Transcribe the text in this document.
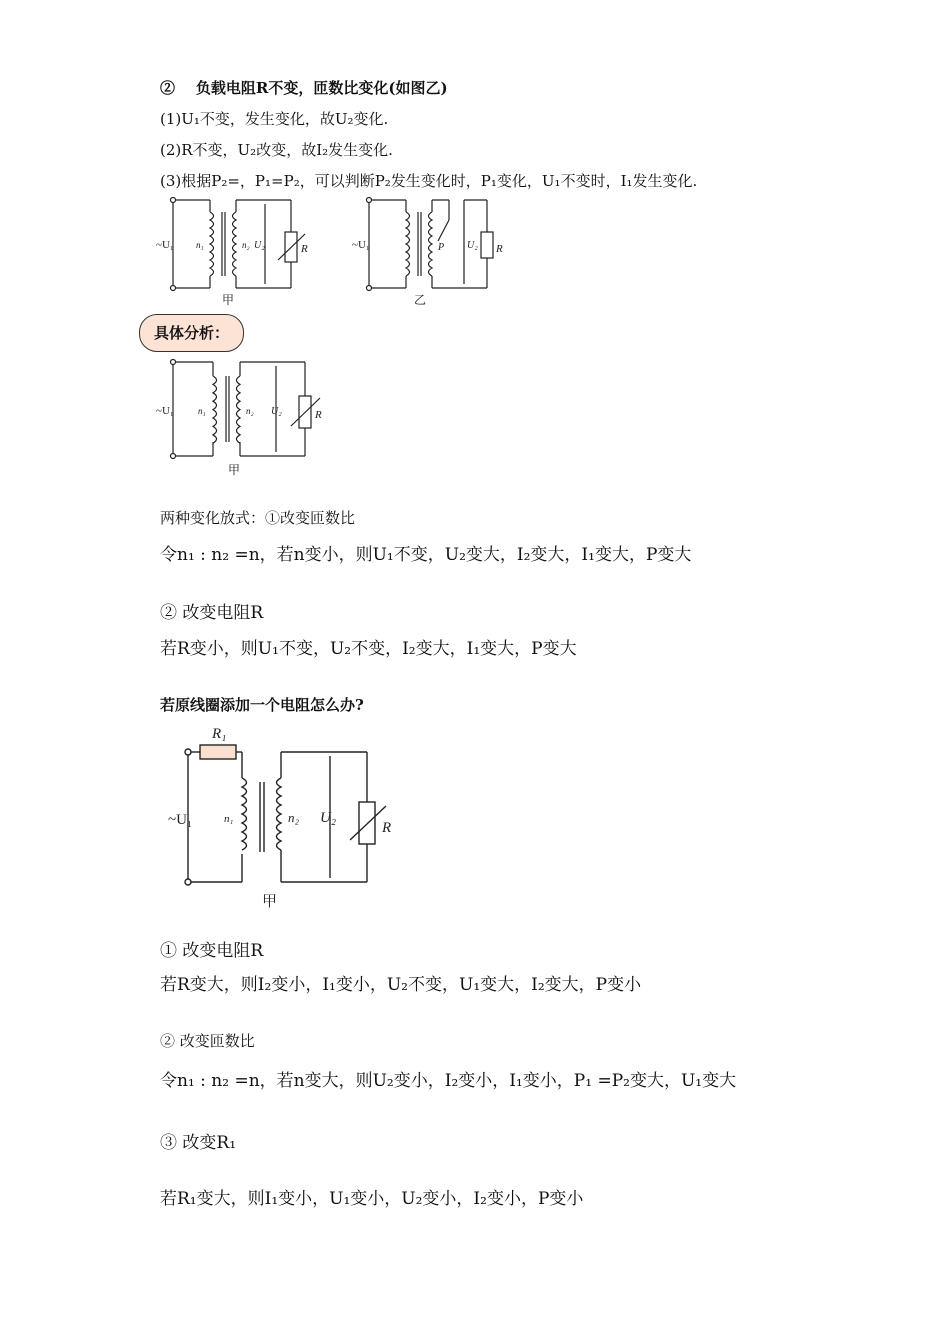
② 负载电阻R不变，匝数比变化(如图乙)
(1)U₁不变，发生变化，故U₂变化.
(2)R不变，U₂改变，故I₂发生变化.
(3)根据P₂=，P₁=P₂，可以判断P₂发生变化时，P₁变化，U₁不变时，I₁发生变化.
~U₁ n₁	n₂ U₂	R
甲
~U₁	P U₂ R
乙
具体分析：
~U₁	n₁	n₂ U₂	R
甲
两种变化放式：①改变匝数比
令n₁ : n₂ =n，若n变小，则U₁不变，U₂变大，I₂变大，I₁变大，P变大
② 改变电阻R
若R变小，则U₁不变，U₂不变，I₂变大，I₁变大，P变大
若原线圈添加一个电阻怎么办?
R₁
~U₁	n₁	n₂ U₂
R
甲
① 改变电阻R
若R变大，则I₂变小，I₁变小，U₂不变，U₁变大，I₂变大，P变小
② 改变匝数比
令n₁ : n₂ =n，若n变大，则U₂变小，I₂变小，I₁变小，P₁ =P₂变大，U₁变大
③ 改变R₁
若R₁变大，则I₁变小，U₁变小，U₂变小，I₂变小，P变小
